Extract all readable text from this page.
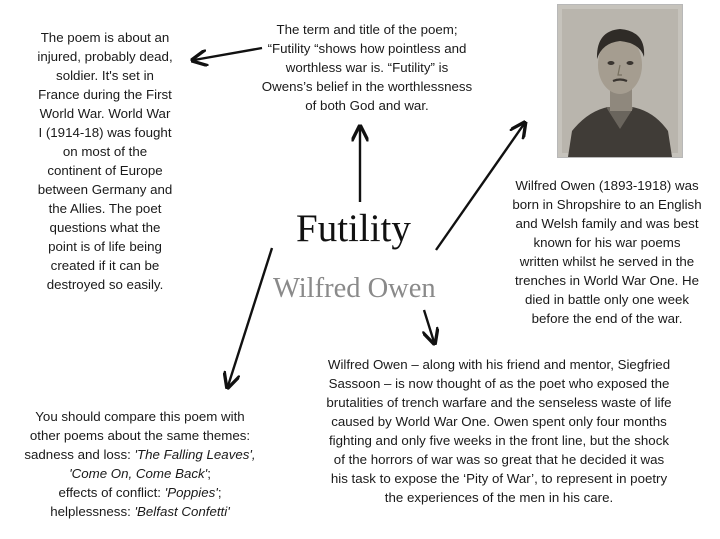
Futility
Wilfred Owen

The poem is about an

injured, probably dead,

soldier. It's set in

France during the First

World War. World War

I (1914-18) was fought

on most of the

continent of Europe

between Germany and

the Allies. The poet

questions what the

point is of life being

created if it can be

destroyed so easily.

The term and title of the poem;

“Futility “shows how pointless and

worthless war is. “Futility” is

Owens’s belief in the worthlessness

of both God and war.

Wilfred Owen (1893-1918) was

born in Shropshire to an English

and Welsh family and was best

known for his war poems

written whilst he served in the

trenches in World War One. He

died in battle only one week

before the end of the war.

Wilfred Owen – along with his friend and mentor, Siegfried

Sassoon – is now thought of as the poet who exposed the

brutalities of trench warfare and the senseless waste of life

caused by World War One. Owen spent only four months

fighting and only five weeks in the front line, but the shock

of the horrors of war was so great that he decided it was

his task to expose the ‘Pity of War’, to represent in poetry

the experiences of the men in his care.

You should compare this poem with

other poems about the same themes:

sadness and loss: 'The Falling Leaves',

'Come On, Come Back';

effects of conflict: 'Poppies';

helplessness: 'Belfast Confetti'
